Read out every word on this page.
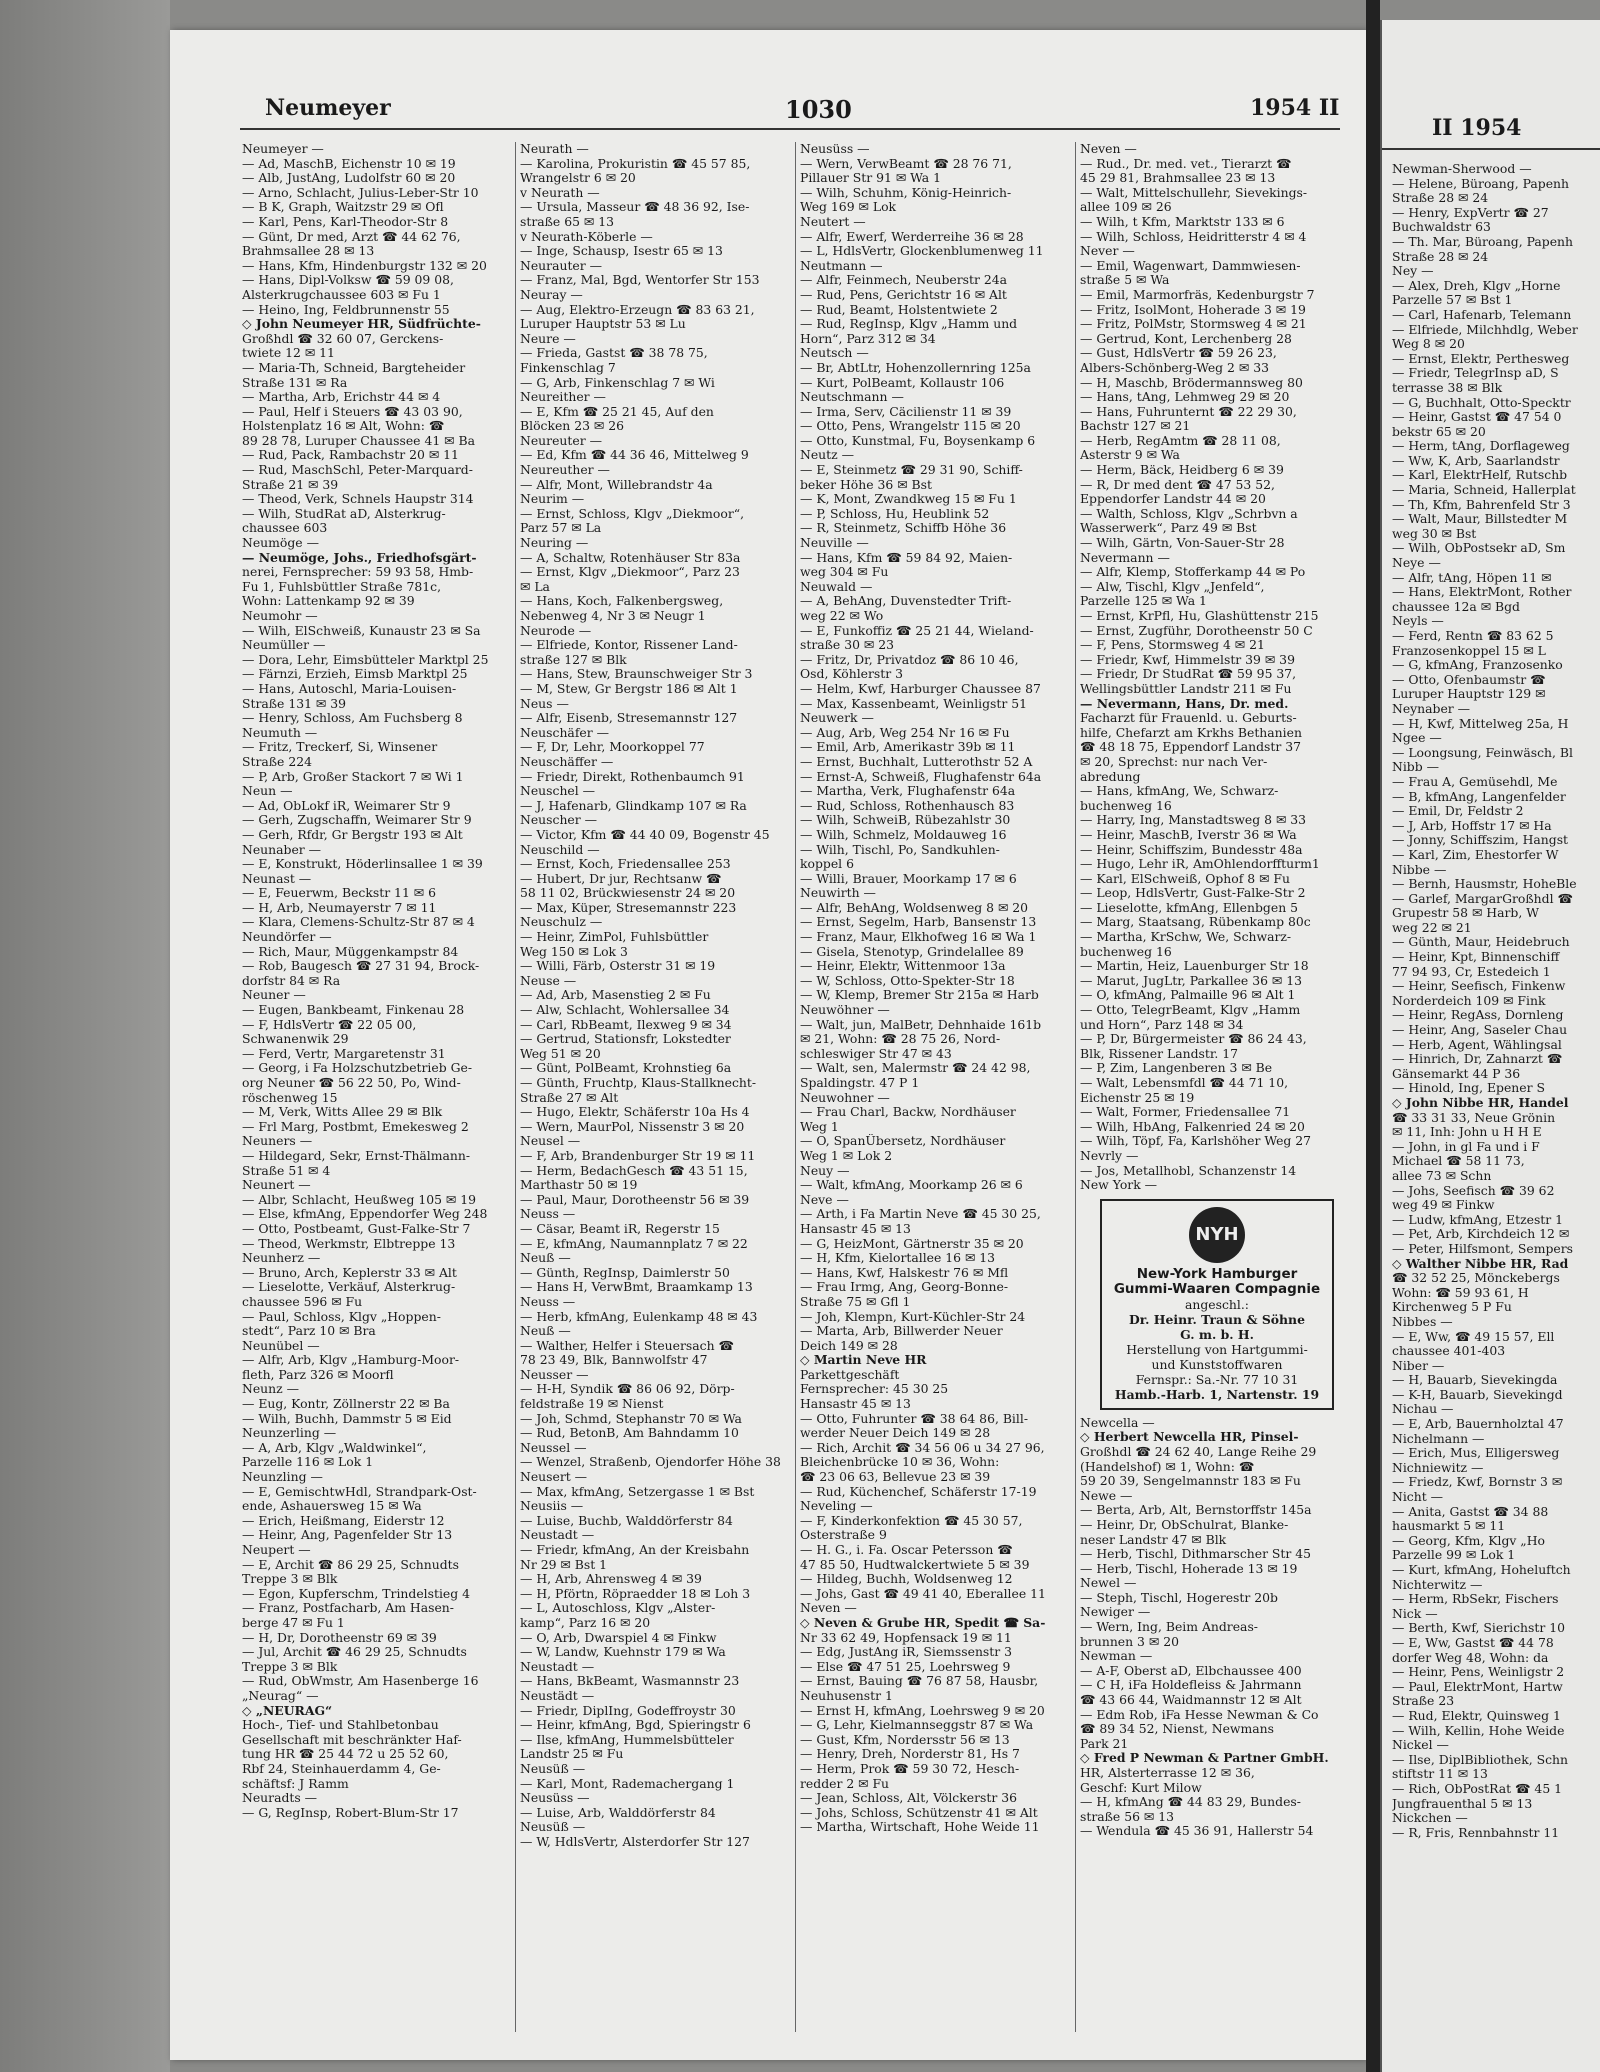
Neumeyer	1030	1954 II
Neumeyer —
— Ad, MaschB, Eichenstr 10 ✉ 19
— Alb, JustAng, Ludolfstr 60 ✉ 20
— Arno, Schlacht, Julius-Leber-Str 10
— B K, Graph, Waitzstr 29 ✉ Ofl
— Karl, Pens, Karl-Theodor-Str 8
— Günt, Dr med, Arzt ☎ 44 62 76,
Brahmsallee 28 ✉ 13
— Hans, Kfm, Hindenburgstr 132 ✉ 20
— Hans, Dipl-Volksw ☎ 59 09 08,
Alsterkrugchaussee 603 ✉ Fu 1
— Heino, Ing, Feldbrunnenstr 55
◇ John Neumeyer HR, Südfrüchte-
Großhdl ☎ 32 60 07, Gerckens-
twiete 12 ✉ 11
— Maria-Th, Schneid, Bargteheider
Straße 131 ✉ Ra
— Martha, Arb, Erichstr 44 ✉ 4
— Paul, Helf i Steuers ☎ 43 03 90,
Holstenplatz 16 ✉ Alt, Wohn: ☎
89 28 78, Luruper Chaussee 41 ✉ Ba
— Rud, Pack, Rambachstr 20 ✉ 11
— Rud, MaschSchl, Peter-Marquard-
Straße 21 ✉ 39
— Theod, Verk, Schnels Haupstr 314
— Wilh, StudRat aD, Alsterkrug-
chaussee 603
Neumöge —
— Neumöge, Johs., Friedhofsgärt-
nerei, Fernsprecher: 59 93 58, Hmb-
Fu 1, Fuhlsbüttler Straße 781c,
Wohn: Lattenkamp 92 ✉ 39
Neumohr —
— Wilh, ElSchweiß, Kunaustr 23 ✉ Sa
Neumüller —
— Dora, Lehr, Eimsbütteler Marktpl 25
— Färnzi, Erzieh, Eimsb Marktpl 25
— Hans, Autoschl, Maria-Louisen-
Straße 131 ✉ 39
— Henry, Schloss, Am Fuchsberg 8
Neumuth —
— Fritz, Treckerf, Si, Winsener
Straße 224
— P, Arb, Großer Stackort 7 ✉ Wi 1
Neun —
— Ad, ObLokf iR, Weimarer Str 9
— Gerh, Zugschaffn, Weimarer Str 9
— Gerh, Rfdr, Gr Bergstr 193 ✉ Alt
Neunaber —
— E, Konstrukt, Höderlinsallee 1 ✉ 39
Neunast —
— E, Feuerwm, Beckstr 11 ✉ 6
— H, Arb, Neumayerstr 7 ✉ 11
— Klara, Clemens-Schultz-Str 87 ✉ 4
Neundörfer —
— Rich, Maur, Müggenkampstr 84
— Rob, Baugesch ☎ 27 31 94, Brock-
dorfstr 84 ✉ Ra
Neuner —
— Eugen, Bankbeamt, Finkenau 28
— F, HdlsVertr ☎ 22 05 00,
Schwanenwik 29
— Ferd, Vertr, Margaretenstr 31
— Georg, i Fa Holzschutzbetrieb Ge-
org Neuner ☎ 56 22 50, Po, Wind-
röschenweg 15
— M, Verk, Witts Allee 29 ✉ Blk
— Frl Marg, Postbmt, Emekesweg 2
Neuners —
— Hildegard, Sekr, Ernst-Thälmann-
Straße 51 ✉ 4
Neunert —
— Albr, Schlacht, Heußweg 105 ✉ 19
— Else, kfmAng, Eppendorfer Weg 248
— Otto, Postbeamt, Gust-Falke-Str 7
— Theod, Werkmstr, Elbtreppe 13
Neunherz —
— Bruno, Arch, Keplerstr 33 ✉ Alt
— Lieselotte, Verkäuf, Alsterkrug-
chaussee 596 ✉ Fu
— Paul, Schloss, Klgv „Hoppen-
stedt“, Parz 10 ✉ Bra
Neunübel —
— Alfr, Arb, Klgv „Hamburg-Moor-
fleth, Parz 326 ✉ Moorfl
Neunz —
— Eug, Kontr, Zöllnerstr 22 ✉ Ba
— Wilh, Buchh, Dammstr 5 ✉ Eid
Neunzerling —
— A, Arb, Klgv „Waldwinkel“,
Parzelle 116 ✉ Lok 1
Neunzling —
— E, GemischtwHdl, Strandpark-Ost-
ende, Ashauersweg 15 ✉ Wa
— Erich, Heißmang, Eiderstr 12
— Heinr, Ang, Pagenfelder Str 13
Neupert —
— E, Archit ☎ 86 29 25, Schnudts
Treppe 3 ✉ Blk
— Egon, Kupferschm, Trindelstieg 4
— Franz, Postfacharb, Am Hasen-
berge 47 ✉ Fu 1
— H, Dr, Dorotheenstr 69 ✉ 39
— Jul, Archit ☎ 46 29 25, Schnudts
Treppe 3 ✉ Blk
— Rud, ObWmstr, Am Hasenberge 16
„Neurag“ —
◇ „NEURAG“
Hoch-, Tief- und Stahlbetonbau
Gesellschaft mit beschränkter Haf-
tung HR ☎ 25 44 72 u 25 52 60,
Rbf 24, Steinhauerdamm 4, Ge-
schäftsf: J Ramm
Neuradts —
— G, RegInsp, Robert-Blum-Str 17
Neurath —
— Karolina, Prokuristin ☎ 45 57 85,
Wrangelstr 6 ✉ 20
v Neurath —
— Ursula, Masseur ☎ 48 36 92, Ise-
straße 65 ✉ 13
v Neurath-Köberle —
— Inge, Schausp, Isestr 65 ✉ 13
Neurauter —
— Franz, Mal, Bgd, Wentorfer Str 153
Neuray —
— Aug, Elektro-Erzeugn ☎ 83 63 21,
Luruper Hauptstr 53 ✉ Lu
Neure —
— Frieda, Gastst ☎ 38 78 75,
Finkenschlag 7
— G, Arb, Finkenschlag 7 ✉ Wi
Neureither —
— E, Kfm ☎ 25 21 45, Auf den
Blöcken 23 ✉ 26
Neureuter —
— Ed, Kfm ☎ 44 36 46, Mittelweg 9
Neureuther —
— Alfr, Mont, Willebrandstr 4a
Neurim —
— Ernst, Schloss, Klgv „Diekmoor“,
Parz 57 ✉ La
Neuring —
— A, Schaltw, Rotenhäuser Str 83a
— Ernst, Klgv „Diekmoor“, Parz 23
✉ La
— Hans, Koch, Falkenbergsweg,
Nebenweg 4, Nr 3 ✉ Neugr 1
Neurode —
— Elfriede, Kontor, Rissener Land-
straße 127 ✉ Blk
— Hans, Stew, Braunschweiger Str 3
— M, Stew, Gr Bergstr 186 ✉ Alt 1
Neus —
— Alfr, Eisenb, Stresemannstr 127
Neuschäfer —
— F, Dr, Lehr, Moorkoppel 77
Neuschäffer —
— Friedr, Direkt, Rothenbaumch 91
Neuschel —
— J, Hafenarb, Glindkamp 107 ✉ Ra
Neuscher —
— Victor, Kfm ☎ 44 40 09, Bogenstr 45
Neuschild —
— Ernst, Koch, Friedensallee 253
— Hubert, Dr jur, Rechtsanw ☎
58 11 02, Brückwiesenstr 24 ✉ 20
— Max, Küper, Stresemannstr 223
Neuschulz —
— Heinr, ZimPol, Fuhlsbüttler
Weg 150 ✉ Lok 3
— Willi, Färb, Osterstr 31 ✉ 19
Neuse —
— Ad, Arb, Masenstieg 2 ✉ Fu
— Alw, Schlacht, Wohlersallee 34
— Carl, RbBeamt, Ilexweg 9 ✉ 34
— Gertrud, Stationsfr, Lokstedter
Weg 51 ✉ 20
— Günt, PolBeamt, Krohnstieg 6a
— Günth, Fruchtp, Klaus-Stallknecht-
Straße 27 ✉ Alt
— Hugo, Elektr, Schäferstr 10a Hs 4
— Wern, MaurPol, Nissenstr 3 ✉ 20
Neusel —
— F, Arb, Brandenburger Str 19 ✉ 11
— Herm, BedachGesch ☎ 43 51 15,
Marthastr 50 ✉ 19
— Paul, Maur, Dorotheenstr 56 ✉ 39
Neuss —
— Cäsar, Beamt iR, Regerstr 15
— E, kfmAng, Naumannplatz 7 ✉ 22
Neuß —
— Günth, RegInsp, Daimlerstr 50
— Hans H, VerwBmt, Braamkamp 13
Neuss —
— Herb, kfmAng, Eulenkamp 48 ✉ 43
Neuß —
— Walther, Helfer i Steuersach ☎
78 23 49, Blk, Bannwolfstr 47
Neusser —
— H-H, Syndik ☎ 86 06 92, Dörp-
feldstraße 19 ✉ Nienst
— Joh, Schmd, Stephanstr 70 ✉ Wa
— Rud, BetonB, Am Bahndamm 10
Neussel —
— Wenzel, Straßenb, Ojendorfer Höhe 38
Neusert —
— Max, kfmAng, Setzergasse 1 ✉ Bst
Neusiis —
— Luise, Buchb, Walddörferstr 84
Neustadt —
— Friedr, kfmAng, An der Kreisbahn
Nr 29 ✉ Bst 1
— H, Arb, Ahrensweg 4 ✉ 39
— H, Pförtn, Röpraedder 18 ✉ Loh 3
— L, Autoschloss, Klgv „Alster-
kamp“, Parz 16 ✉ 20
— O, Arb, Dwarspiel 4 ✉ Finkw
— W, Landw, Kuehnstr 179 ✉ Wa
Neustadt —
— Hans, BkBeamt, Wasmannstr 23
Neustädt —
— Friedr, DiplIng, Godeffroystr 30
— Heinr, kfmAng, Bgd, Spieringstr 6
— Ilse, kfmAng, Hummelsbütteler
Landstr 25 ✉ Fu
Neusüß —
— Karl, Mont, Rademachergang 1
Neusüss —
— Luise, Arb, Walddörferstr 84
Neusüß —
— W, HdlsVertr, Alsterdorfer Str 127
Neusüss —
— Wern, VerwBeamt ☎ 28 76 71,
Pillauer Str 91 ✉ Wa 1
— Wilh, Schuhm, König-Heinrich-
Weg 169 ✉ Lok
Neutert —
— Alfr, Ewerf, Werderreihe 36 ✉ 28
— L, HdlsVertr, Glockenblumenweg 11
Neutmann —
— Alfr, Feinmech, Neuberstr 24a
— Rud, Pens, Gerichtstr 16 ✉ Alt
— Rud, Beamt, Holstentwiete 2
— Rud, RegInsp, Klgv „Hamm und
Horn“, Parz 312 ✉ 34
Neutsch —
— Br, AbtLtr, Hohenzollernring 125a
— Kurt, PolBeamt, Kollaustr 106
Neutschmann —
— Irma, Serv, Cäcilienstr 11 ✉ 39
— Otto, Pens, Wrangelstr 115 ✉ 20
— Otto, Kunstmal, Fu, Boysenkamp 6
Neutz —
— E, Steinmetz ☎ 29 31 90, Schiff-
beker Höhe 36 ✉ Bst
— K, Mont, Zwandkweg 15 ✉ Fu 1
— P, Schloss, Hu, Heublink 52
— R, Steinmetz, Schiffb Höhe 36
Neuville —
— Hans, Kfm ☎ 59 84 92, Maien-
weg 304 ✉ Fu
Neuwald —
— A, BehAng, Duvenstedter Trift-
weg 22 ✉ Wo
— E, Funkoffiz ☎ 25 21 44, Wieland-
straße 30 ✉ 23
— Fritz, Dr, Privatdoz ☎ 86 10 46,
Osd, Köhlerstr 3
— Helm, Kwf, Harburger Chaussee 87
— Max, Kassenbeamt, Weinligstr 51
Neuwerk —
— Aug, Arb, Weg 254 Nr 16 ✉ Fu
— Emil, Arb, Amerikastr 39b ✉ 11
— Ernst, Buchhalt, Lutterothstr 52 A
— Ernst-A, Schweiß, Flughafenstr 64a
— Martha, Verk, Flughafenstr 64a
— Rud, Schloss, Rothenhausch 83
— Wilh, SchweiB, Rübezahlstr 30
— Wilh, Schmelz, Moldauweg 16
— Wilh, Tischl, Po, Sandkuhlen-
koppel 6
— Willi, Brauer, Moorkamp 17 ✉ 6
Neuwirth —
— Alfr, BehAng, Woldsenweg 8 ✉ 20
— Ernst, Segelm, Harb, Bansenstr 13
— Franz, Maur, Elkhofweg 16 ✉ Wa 1
— Gisela, Stenotyp, Grindelallee 89
— Heinr, Elektr, Wittenmoor 13a
— W, Schloss, Otto-Spekter-Str 18
— W, Klemp, Bremer Str 215a ✉ Harb
Neuwöhner —
— Walt, jun, MalBetr, Dehnhaide 161b
✉ 21, Wohn: ☎ 28 75 26, Nord-
schleswiger Str 47 ✉ 43
— Walt, sen, Malermstr ☎ 24 42 98,
Spaldingstr. 47 P 1
Neuwohner —
— Frau Charl, Backw, Nordhäuser
Weg 1
— O, SpanÜbersetz, Nordhäuser
Weg 1 ✉ Lok 2
Neuy —
— Walt, kfmAng, Moorkamp 26 ✉ 6
Neve —
— Arth, i Fa Martin Neve ☎ 45 30 25,
Hansastr 45 ✉ 13
— G, HeizMont, Gärtnerstr 35 ✉ 20
— H, Kfm, Kielortallee 16 ✉ 13
— Hans, Kwf, Halskestr 76 ✉ Mfl
— Frau Irmg, Ang, Georg-Bonne-
Straße 75 ✉ Gfl 1
— Joh, Klempn, Kurt-Küchler-Str 24
— Marta, Arb, Billwerder Neuer
Deich 149 ✉ 28
◇ Martin Neve HR
Parkettgeschäft
Fernsprecher: 45 30 25
Hansastr 45 ✉ 13
— Otto, Fuhrunter ☎ 38 64 86, Bill-
werder Neuer Deich 149 ✉ 28
— Rich, Archit ☎ 34 56 06 u 34 27 96,
Bleichenbrücke 10 ✉ 36, Wohn:
☎ 23 06 63, Bellevue 23 ✉ 39
— Rud, Küchenchef, Schäferstr 17-19
Neveling —
— F, Kinderkonfektion ☎ 45 30 57,
Osterstraße 9
— H. G., i. Fa. Oscar Petersson ☎
47 85 50, Hudtwalckertwiete 5 ✉ 39
— Hildeg, Buchh, Woldsenweg 12
— Johs, Gast ☎ 49 41 40, Eberallee 11
Neven —
◇ Neven & Grube HR, Spedit ☎ Sa-
Nr 33 62 49, Hopfensack 19 ✉ 11
— Edg, JustAng iR, Siemssenstr 3
— Else ☎ 47 51 25, Loehrsweg 9
— Ernst, Bauing ☎ 76 87 58, Hausbr,
Neuhusenstr 1
— Ernst H, kfmAng, Loehrsweg 9 ✉ 20
— G, Lehr, Kielmannseggstr 87 ✉ Wa
— Gust, Kfm, Nordersstr 56 ✉ 13
— Henry, Dreh, Norderstr 81, Hs 7
— Herm, Prok ☎ 59 30 72, Hesch-
redder 2 ✉ Fu
— Jean, Schloss, Alt, Völckerstr 36
— Johs, Schloss, Schützenstr 41 ✉ Alt
— Martha, Wirtschaft, Hohe Weide 11
Neven —
— Rud., Dr. med. vet., Tierarzt ☎
45 29 81, Brahmsallee 23 ✉ 13
— Walt, Mittelschullehr, Sievekings-
allee 109 ✉ 26
— Wilh, t Kfm, Marktstr 133 ✉ 6
— Wilh, Schloss, Heidritterstr 4 ✉ 4
Never —
— Emil, Wagenwart, Dammwiesen-
straße 5 ✉ Wa
— Emil, Marmorfräs, Kedenburgstr 7
— Fritz, IsolMont, Hoherade 3 ✉ 19
— Fritz, PolMstr, Stormsweg 4 ✉ 21
— Gertrud, Kont, Lerchenberg 28
— Gust, HdlsVertr ☎ 59 26 23,
Albers-Schönberg-Weg 2 ✉ 33
— H, Maschb, Brödermannsweg 80
— Hans, tAng, Lehmweg 29 ✉ 20
— Hans, Fuhrunternt ☎ 22 29 30,
Bachstr 127 ✉ 21
— Herb, RegAmtm ☎ 28 11 08,
Asterstr 9 ✉ Wa
— Herm, Bäck, Heidberg 6 ✉ 39
— R, Dr med dent ☎ 47 53 52,
Eppendorfer Landstr 44 ✉ 20
— Walth, Schloss, Klgv „Schrbvn a
Wasserwerk“, Parz 49 ✉ Bst
— Wilh, Gärtn, Von-Sauer-Str 28
Nevermann —
— Alfr, Klemp, Stofferkamp 44 ✉ Po
— Alw, Tischl, Klgv „Jenfeld“,
Parzelle 125 ✉ Wa 1
— Ernst, KrPfl, Hu, Glashüttenstr 215
— Ernst, Zugführ, Dorotheenstr 50 C
— F, Pens, Stormsweg 4 ✉ 21
— Friedr, Kwf, Himmelstr 39 ✉ 39
— Friedr, Dr StudRat ☎ 59 95 37,
Wellingsbüttler Landstr 211 ✉ Fu
— Nevermann, Hans, Dr. med.
Facharzt für Frauenld. u. Geburts-
hilfe, Chefarzt am Krkhs Bethanien
☎ 48 18 75, Eppendorf Landstr 37
✉ 20, Sprechst: nur nach Ver-
abredung
— Hans, kfmAng, We, Schwarz-
buchenweg 16
— Harry, Ing, Manstadtsweg 8 ✉ 33
— Heinr, MaschB, Iverstr 36 ✉ Wa
— Heinr, Schiffszim, Bundesstr 48a
— Hugo, Lehr iR, AmOhlendorffturm1
— Karl, ElSchweiß, Ophof 8 ✉ Fu
— Leop, HdlsVertr, Gust-Falke-Str 2
— Lieselotte, kfmAng, Ellenbgen 5
— Marg, Staatsang, Rübenkamp 80c
— Martha, KrSchw, We, Schwarz-
buchenweg 16
— Martin, Heiz, Lauenburger Str 18
— Marut, JugLtr, Parkallee 36 ✉ 13
— O, kfmAng, Palmaille 96 ✉ Alt 1
— Otto, TelegrBeamt, Klgv „Hamm
und Horn“, Parz 148 ✉ 34
— P, Dr, Bürgermeister ☎ 86 24 43,
Blk, Rissener Landstr. 17
— P, Zim, Langenberen 3 ✉ Be
— Walt, Lebensmfdl ☎ 44 71 10,
Eichenstr 25 ✉ 19
— Walt, Former, Friedensallee 71
— Wilh, HbAng, Falkenried 24 ✉ 20
— Wilh, Töpf, Fa, Karlshöher Weg 27
Nevrly —
— Jos, Metallhobl, Schanzenstr 14
New York —
NYH
New-York Hamburger
Gummi-Waaren Compagnie
angeschl.:
Dr. Heinr. Traun & Söhne
G. m. b. H.
Herstellung von Hartgummi-
und Kunststoffwaren
Fernspr.: Sa.-Nr. 77 10 31
Hamb.-Harb. 1, Nartenstr. 19
Newcella —
◇ Herbert Newcella HR, Pinsel-
Großhdl ☎ 24 62 40, Lange Reihe 29
(Handelshof) ✉ 1, Wohn: ☎
59 20 39, Sengelmannstr 183 ✉ Fu
Newe —
— Berta, Arb, Alt, Bernstorffstr 145a
— Heinr, Dr, ObSchulrat, Blanke-
neser Landstr 47 ✉ Blk
— Herb, Tischl, Dithmarscher Str 45
— Herb, Tischl, Hoherade 13 ✉ 19
Newel —
— Steph, Tischl, Hogerestr 20b
Newiger —
— Wern, Ing, Beim Andreas-
brunnen 3 ✉ 20
Newman —
— A-F, Oberst aD, Elbchaussee 400
— C H, iFa Holdefleiss & Jahrmann
☎ 43 66 44, Waidmannstr 12 ✉ Alt
— Edm Rob, iFa Hesse Newman & Co
☎ 89 34 52, Nienst, Newmans
Park 21
◇ Fred P Newman & Partner GmbH.
HR, Alsterterrasse 12 ✉ 36,
Geschf: Kurt Milow
— H, kfmAng ☎ 44 83 29, Bundes-
straße 56 ✉ 13
— Wendula ☎ 45 36 91, Hallerstr 54
II 1954
Newman-Sherwood —
— Helene, Büroang, Papenh
Straße 28 ✉ 24
— Henry, ExpVertr ☎ 27
Buchwaldstr 63
— Th. Mar, Büroang, Papenh
Straße 28 ✉ 24
Ney —
— Alex, Dreh, Klgv „Horne
Parzelle 57 ✉ Bst 1
— Carl, Hafenarb, Telemann
— Elfriede, Milchhdlg, Weber
Weg 8 ✉ 20
— Ernst, Elektr, Perthesweg
— Friedr, TelegrInsp aD, S
terrasse 38 ✉ Blk
— G, Buchhalt, Otto-Specktr
— Heinr, Gastst ☎ 47 54 0
bekstr 65 ✉ 20
— Herm, tAng, Dorflageweg
— Ww, K, Arb, Saarlandstr
— Karl, ElektrHelf, Rutschb
— Maria, Schneid, Hallerplat
— Th, Kfm, Bahrenfeld Str 3
— Walt, Maur, Billstedter M
weg 30 ✉ Bst
— Wilh, ObPostsekr aD, Sm
Neye —
— Alfr, tAng, Höpen 11 ✉
— Hans, ElektrMont, Rother
chaussee 12a ✉ Bgd
Neyls —
— Ferd, Rentn ☎ 83 62 5
Franzosenkoppel 15 ✉ L
— G, kfmAng, Franzosenko
— Otto, Ofenbaumstr ☎
Luruper Hauptstr 129 ✉
Neynaber —
— H, Kwf, Mittelweg 25a, H
Ngee —
— Loongsung, Feinwäsch, Bl
Nibb —
— Frau A, Gemüsehdl, Me
— B, kfmAng, Langenfelder
— Emil, Dr, Feldstr 2
— J, Arb, Hoffstr 17 ✉ Ha
— Jonny, Schiffszim, Hangst
— Karl, Zim, Ehestorfer W
Nibbe —
— Bernh, Hausmstr, HoheBle
— Garlef, MargarGroßhdl ☎
Grupestr 58 ✉ Harb, W
weg 22 ✉ 21
— Günth, Maur, Heidebruch
— Heinr, Kpt, Binnenschiff
77 94 93, Cr, Estedeich 1
— Heinr, Seefisch, Finkenw
Norderdeich 109 ✉ Fink
— Heinr, RegAss, Dornleng
— Heinr, Ang, Saseler Chau
— Herb, Agent, Wählingsal
— Hinrich, Dr, Zahnarzt ☎
Gänsemarkt 44 P 36
— Hinold, Ing, Epener S
◇ John Nibbe HR, Handel
☎ 33 31 33, Neue Grönin
✉ 11, Inh: John u H H E
— John, in gl Fa und i F
Michael ☎ 58 11 73,
allee 73 ✉ Schn
— Johs, Seefisch ☎ 39 62
weg 49 ✉ Finkw
— Ludw, kfmAng, Etzestr 1
— Pet, Arb, Kirchdeich 12 ✉
— Peter, Hilfsmont, Sempers
◇ Walther Nibbe HR, Rad
☎ 32 52 25, Mönckebergs
Wohn: ☎ 59 93 61, H
Kirchenweg 5 P Fu
Nibbes —
— E, Ww, ☎ 49 15 57, Ell
chaussee 401-403
Niber —
— H, Bauarb, Sievekingda
— K-H, Bauarb, Sievekingd
Nichau —
— E, Arb, Bauernholztal 47
Nichelmann —
— Erich, Mus, Elligersweg
Nichniewitz —
— Friedz, Kwf, Bornstr 3 ✉
Nicht —
— Anita, Gastst ☎ 34 88
hausmarkt 5 ✉ 11
— Georg, Kfm, Klgv „Ho
Parzelle 99 ✉ Lok 1
— Kurt, kfmAng, Hoheluftch
Nichterwitz —
— Herm, RbSekr, Fischers
Nick —
— Berth, Kwf, Sierichstr 10
— E, Ww, Gastst ☎ 44 78
dorfer Weg 48, Wohn: da
— Heinr, Pens, Weinligstr 2
— Paul, ElektrMont, Hartw
Straße 23
— Rud, Elektr, Quinsweg 1
— Wilh, Kellin, Hohe Weide
Nickel —
— Ilse, DiplBibliothek, Schn
stiftstr 11 ✉ 13
— Rich, ObPostRat ☎ 45 1
Jungfrauenthal 5 ✉ 13
Nickchen —
— R, Fris, Rennbahnstr 11
